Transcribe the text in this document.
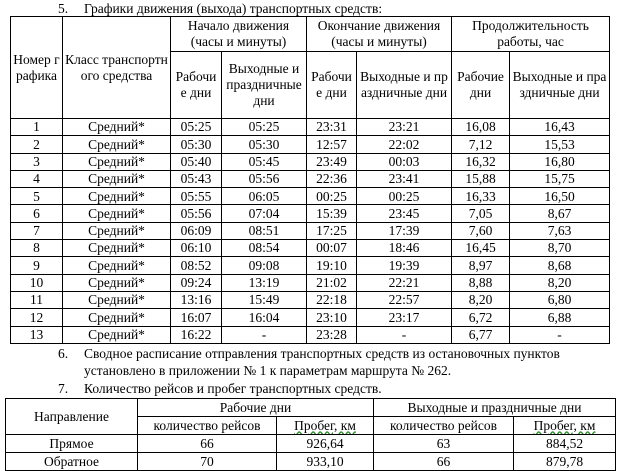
5. Графики движения (выхода) транспортных средств:
Номер графика	Класс транспортного средства	Начало движения (часы и минуты)		Окончание движения (часы и минуты)		Продолжительность работы, час	
		Рабочие дни	Выходные и праздничные дни	Рабочие дни	Выходные и праздничные дни	Рабочие дни	Выходные и праздничные дни
1	Средний*	05:25	05:25	23:31	23:21	16,08	16,43
2	Средний*	05:30	05:30	12:57	22:02	7,12	15,53
3	Средний*	05:40	05:45	23:49	00:03	16,32	16,80
4	Средний*	05:43	05:56	22:36	23:41	15,88	15,75
5	Средний*	05:55	06:05	00:25	00:25	16,33	16,50
6	Средний*	05:56	07:04	15:39	23:45	7,05	8,67
7	Средний*	06:09	08:51	17:25	17:39	7,60	7,63
8	Средний*	06:10	08:54	00:07	18:46	16,45	8,70
9	Средний*	08:52	09:08	19:10	19:39	8,97	8,68
10	Средний*	09:24	13:19	21:02	22:21	8,88	8,20
11	Средний*	13:16	15:49	22:18	22:57	8,20	6,80
12	Средний*	16:07	16:04	23:10	23:17	6,72	6,88
13	Средний*	16:22	-	23:28	-	6,77	-
6. Сводное расписание отправления транспортных средств из остановочных пунктов
установлено в приложении № 1 к параметрам маршрута № 262.
7. Количество рейсов и пробег транспортных средств.
Направление	Рабочие дни		Выходные и праздничные дни	
	количество рейсов	Пробег, км	количество рейсов	Пробег, км
Прямое	66	926,64	63	884,52
Обратное	70	933,10	66	879,78
